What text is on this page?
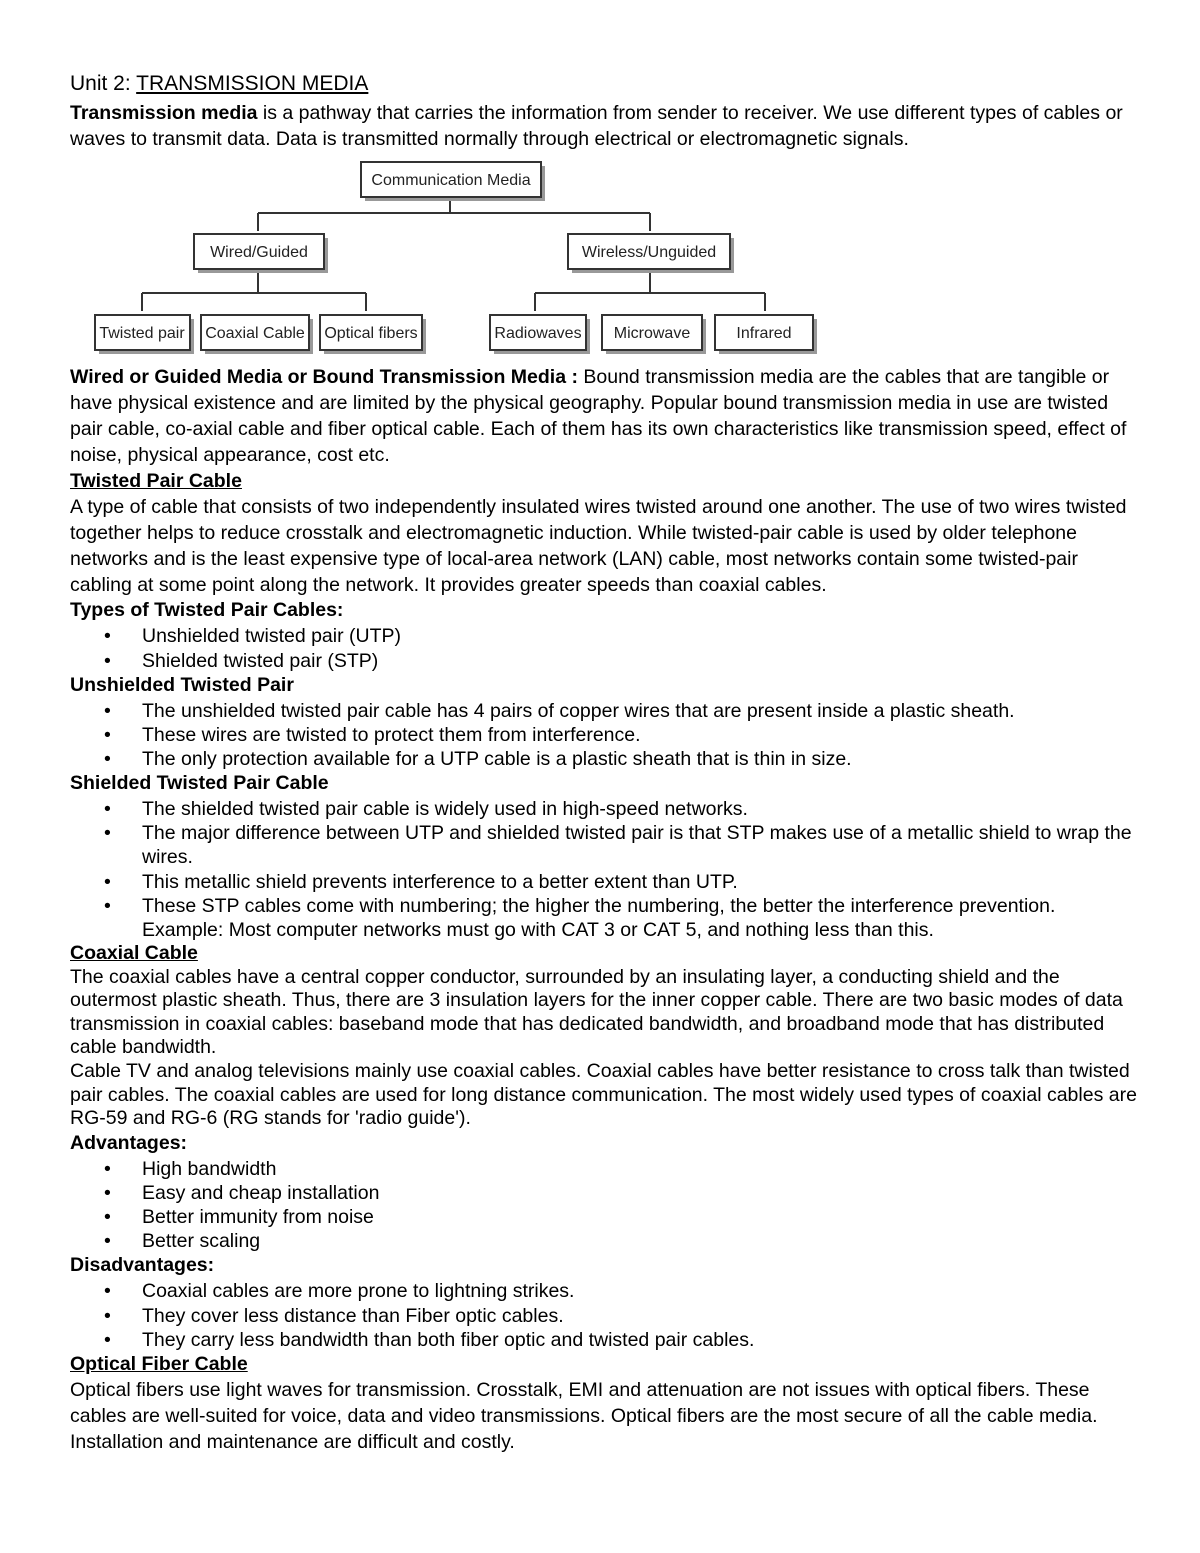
Unit 2: TRANSMISSION MEDIA

Transmission media is a pathway that carries the information from sender to receiver. We use different types of cables or waves to transmit data. Data is transmitted normally through electrical or electromagnetic signals.

Communication Media
Wired/Guided	Wireless/Unguided
Twisted pair Coaxial Cable Optical fibers	Radiowaves Microwave	Infrared

Wired or Guided Media or Bound Transmission Media : Bound transmission media are the cables that are tangible or have physical existence and are limited by the physical geography. Popular bound transmission media in use are twisted pair cable, co-axial cable and fiber optical cable. Each of them has its own characteristics like transmission speed, effect of noise, physical appearance, cost etc.

Twisted Pair Cable

A type of cable that consists of two independently insulated wires twisted around one another. The use of two wires twisted together helps to reduce crosstalk and electromagnetic induction. While twisted-pair cable is used by older telephone networks and is the least expensive type of local-area network (LAN) cable, most networks contain some twisted-pair cabling at some point along the network. It provides greater speeds than coaxial cables.

Types of Twisted Pair Cables:

• Unshielded twisted pair (UTP)
• Shielded twisted pair (STP)

Unshielded Twisted Pair

• The unshielded twisted pair cable has 4 pairs of copper wires that are present inside a plastic sheath.
• These wires are twisted to protect them from interference.
• The only protection available for a UTP cable is a plastic sheath that is thin in size.

Shielded Twisted Pair Cable

• The shielded twisted pair cable is widely used in high-speed networks.
• The major difference between UTP and shielded twisted pair is that STP makes use of a metallic shield to wrap the wires.
• This metallic shield prevents interference to a better extent than UTP.
• These STP cables come with numbering; the higher the numbering, the better the interference prevention. Example: Most computer networks must go with CAT 3 or CAT 5, and nothing less than this.

Coaxial Cable

The coaxial cables have a central copper conductor, surrounded by an insulating layer, a conducting shield and the outermost plastic sheath. Thus, there are 3 insulation layers for the inner copper cable. There are two basic modes of data transmission in coaxial cables: baseband mode that has dedicated bandwidth, and broadband mode that has distributed cable bandwidth.

Cable TV and analog televisions mainly use coaxial cables. Coaxial cables have better resistance to cross talk than twisted pair cables. The coaxial cables are used for long distance communication. The most widely used types of coaxial cables are RG-59 and RG-6 (RG stands for 'radio guide').

Advantages:

• High bandwidth
• Easy and cheap installation
• Better immunity from noise
• Better scaling

Disadvantages:

• Coaxial cables are more prone to lightning strikes.
• They cover less distance than Fiber optic cables.
• They carry less bandwidth than both fiber optic and twisted pair cables.

Optical Fiber Cable

Optical fibers use light waves for transmission. Crosstalk, EMI and attenuation are not issues with optical fibers. These cables are well-suited for voice, data and video transmissions. Optical fibers are the most secure of all the cable media. Installation and maintenance are difficult and costly.
